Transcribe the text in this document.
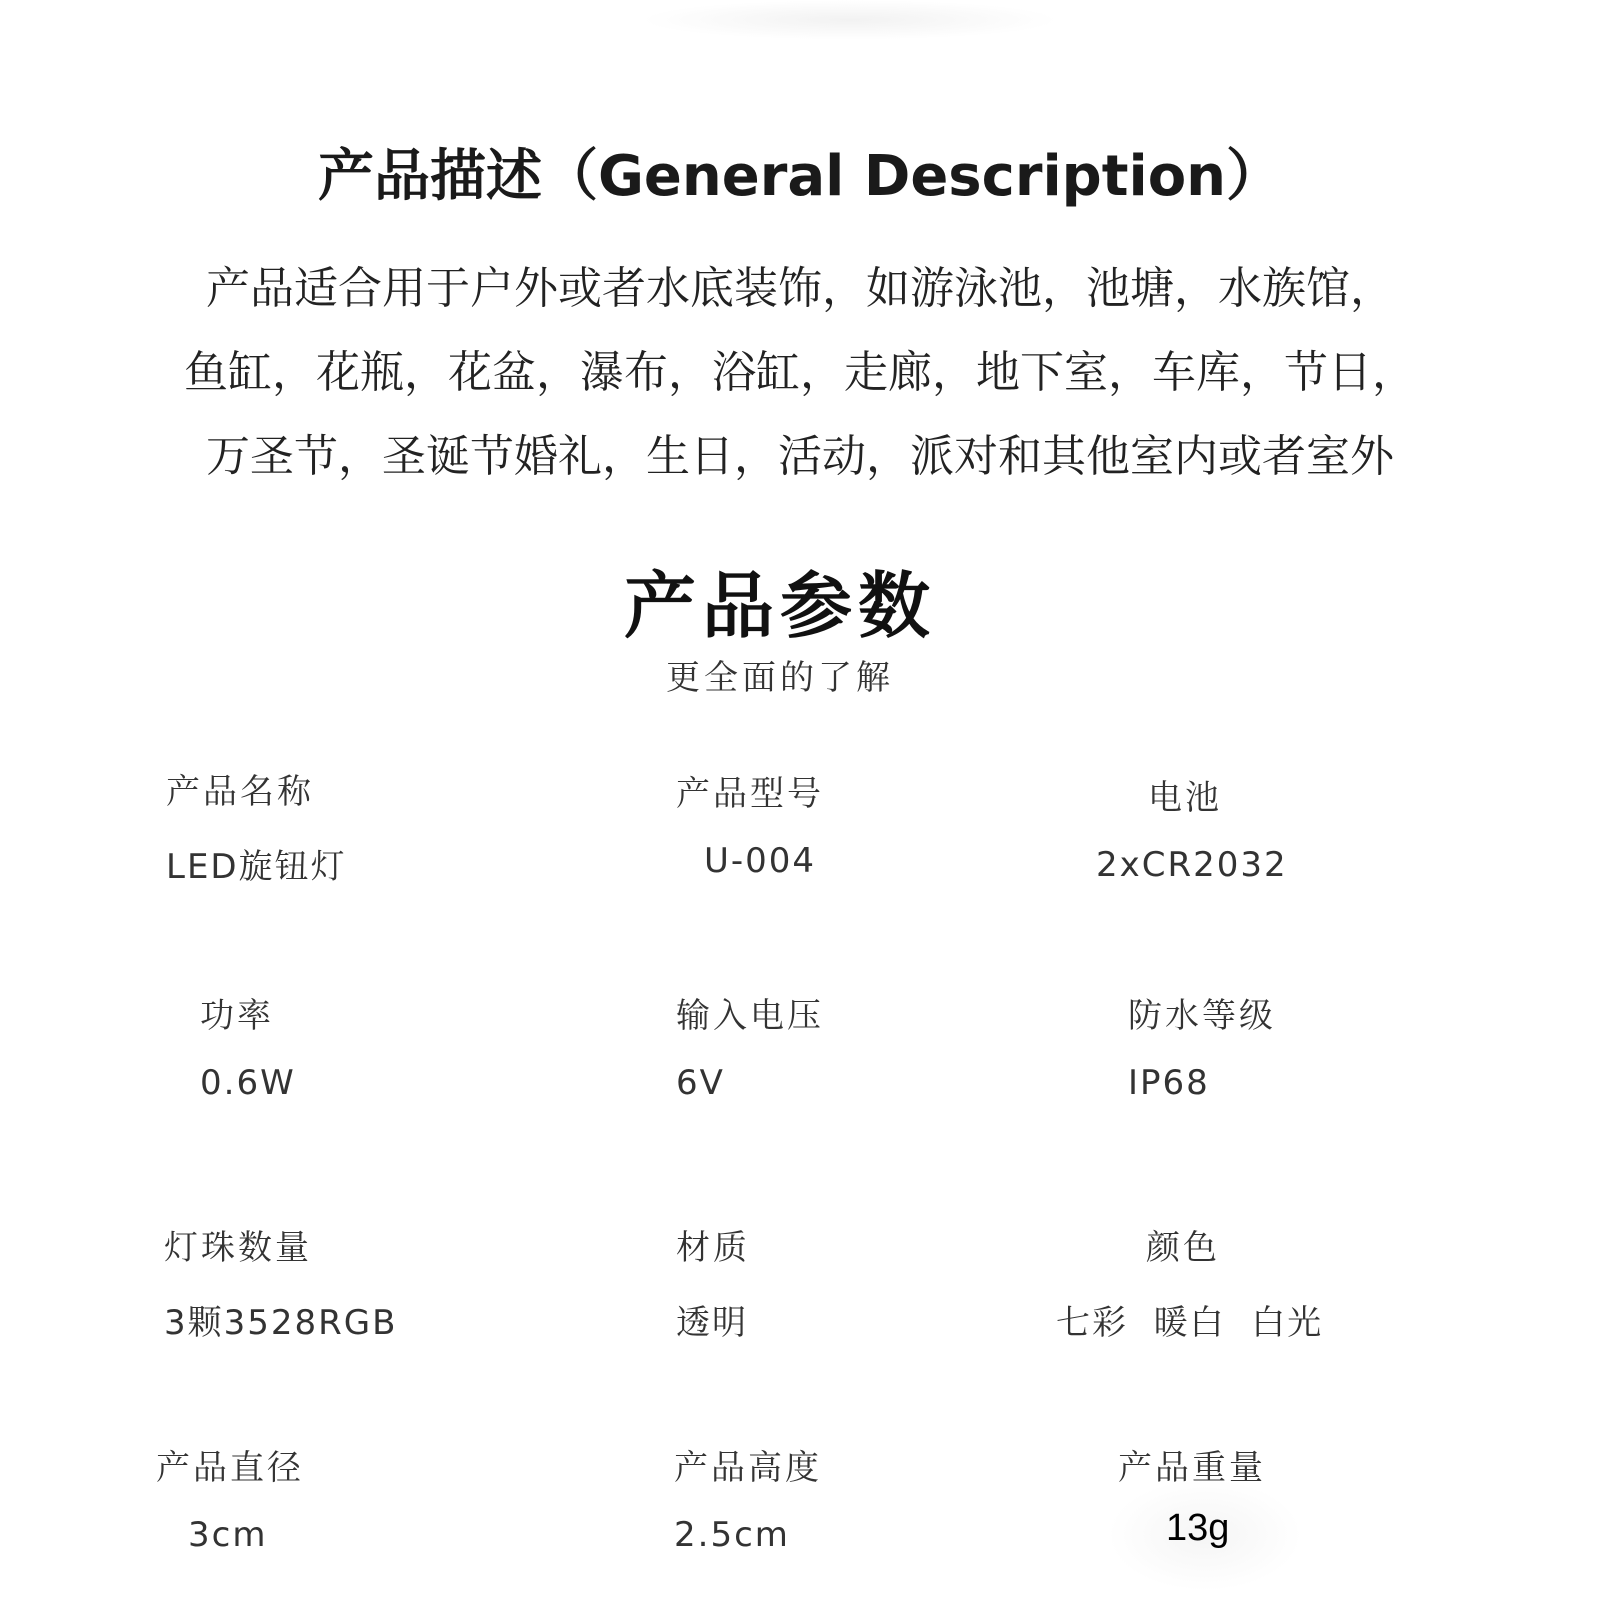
产品描述（General Description）
产品适合用于户外或者水底装饰，如游泳池，池塘，水族馆，
鱼缸，花瓶，花盆，瀑布，浴缸，走廊，地下室，车库，节日，
万圣节，圣诞节婚礼，生日，活动，派对和其他室内或者室外
产品参数
更全面的了解
产品名称
LED旋钮灯
产品型号
U-004
电池
2xCR2032
功率
0.6W
输入电压
6V
防水等级
IP68
灯珠数量
3颗3528RGB
材质
透明
颜色
七彩  暖白  白光
产品直径
3cm
产品高度
2.5cm
产品重量
13g
